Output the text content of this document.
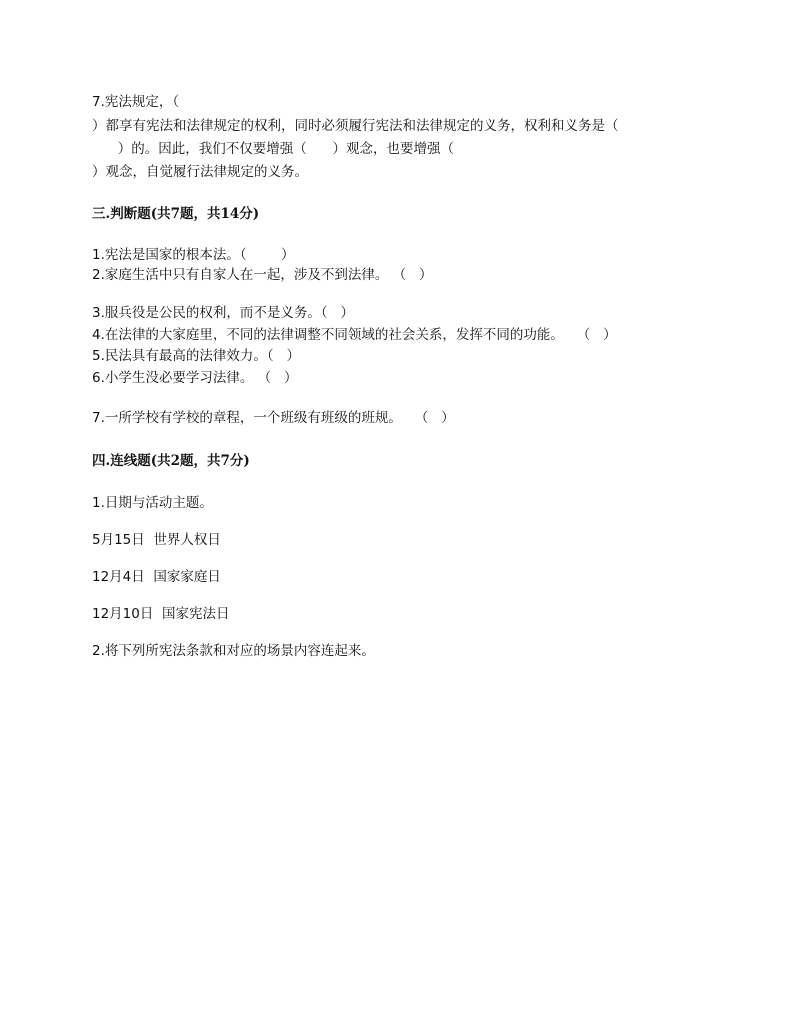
7.宪法规定，（
）都享有宪法和法律规定的权利，同时必须履行宪法和法律规定的义务，权利和义务是（
）的。因此，我们不仅要增强（      ）观念，也要增强（
）观念，自觉履行法律规定的义务。
三.判断题(共7题，共14分)
1.宪法是国家的根本法。（        ）
2.家庭生活中只有自家人在一起，涉及不到法律。 （   ）
3.服兵役是公民的权利，而不是义务。（   ）
4.在法律的大家庭里，不同的法律调整不同领域的社会关系，发挥不同的功能。   （   ）
5.民法具有最高的法律效力。（   ）
6.小学生没必要学习法律。 （   ）
7.一所学校有学校的章程，一个班级有班级的班规。   （   ）
四.连线题(共2题，共7分)
1.日期与活动主题。
5月15日  世界人权日
12月4日  国家家庭日
12月10日  国家宪法日
2.将下列所宪法条款和对应的场景内容连起来。
